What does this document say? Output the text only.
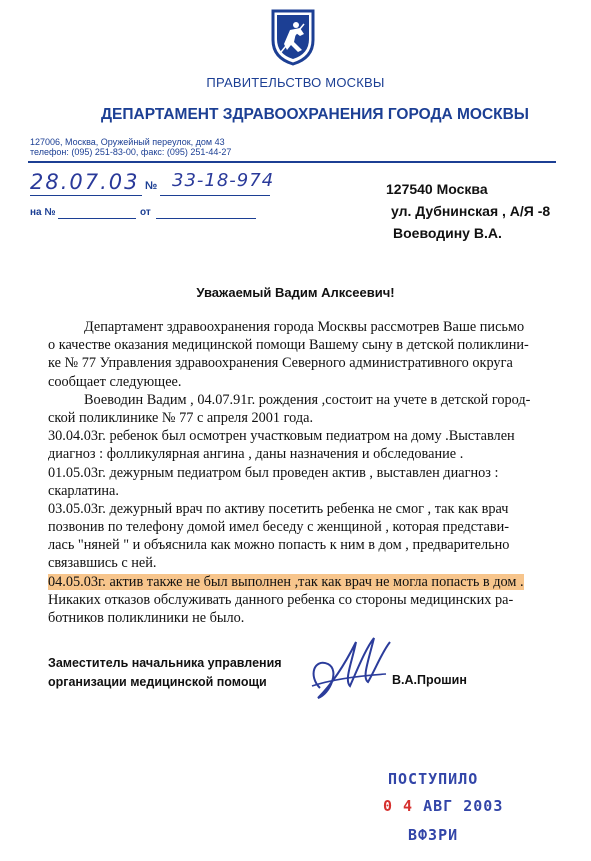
ПРАВИТЕЛЬСТВО МОСКВЫ
ДЕПАРТАМЕНТ ЗДРАВООХРАНЕНИЯ ГОРОДА МОСКВЫ
127006, Москва, Оружейный переулок, дом 43
телефон: (095) 251-83-00, факс: (095) 251-44-27
28.07.03 № 33-18-974
на №	от
127540 Москва
ул. Дубнинская , А/Я -8
Воеводину В.А.
Уважаемый Вадим Алксеевич!
Департамент здравоохранения города Москвы рассмотрев Ваше письмо
о качестве оказания медицинской помощи Вашему сыну в детской поликлини-
ке № 77 Управления здравоохранения Северного административного округа
сообщает следующее.
Воеводин Вадим , 04.07.91г. рождения ,состоит на учете в детской город-
ской поликлинике № 77 с апреля 2001 года.
30.04.03г. ребенок был осмотрен участковым педиатром на дому .Выставлен
диагноз : фолликулярная ангина , даны назначения и обследование .
01.05.03г. дежурным педиатром был проведен актив , выставлен диагноз :
скарлатина.
03.05.03г. дежурный врач по активу посетить ребенка не смог , так как врач
позвонив по телефону домой имел беседу с женщиной , которая представи-
лась "няней " и объяснила как можно попасть к ним в дом , предварительно
связавшись с ней.
04.05.03г. актив также не был выполнен ,так как врач не могла попасть в дом .
Никаких отказов обслуживать данного ребенка со стороны медицинских ра-
ботников поликлиники не было.
Заместитель начальника управления
организации медицинской помощи	В.А.Прошин
ПОСТУПИЛО
0 4 АВГ 2003
ВФЗРИ
